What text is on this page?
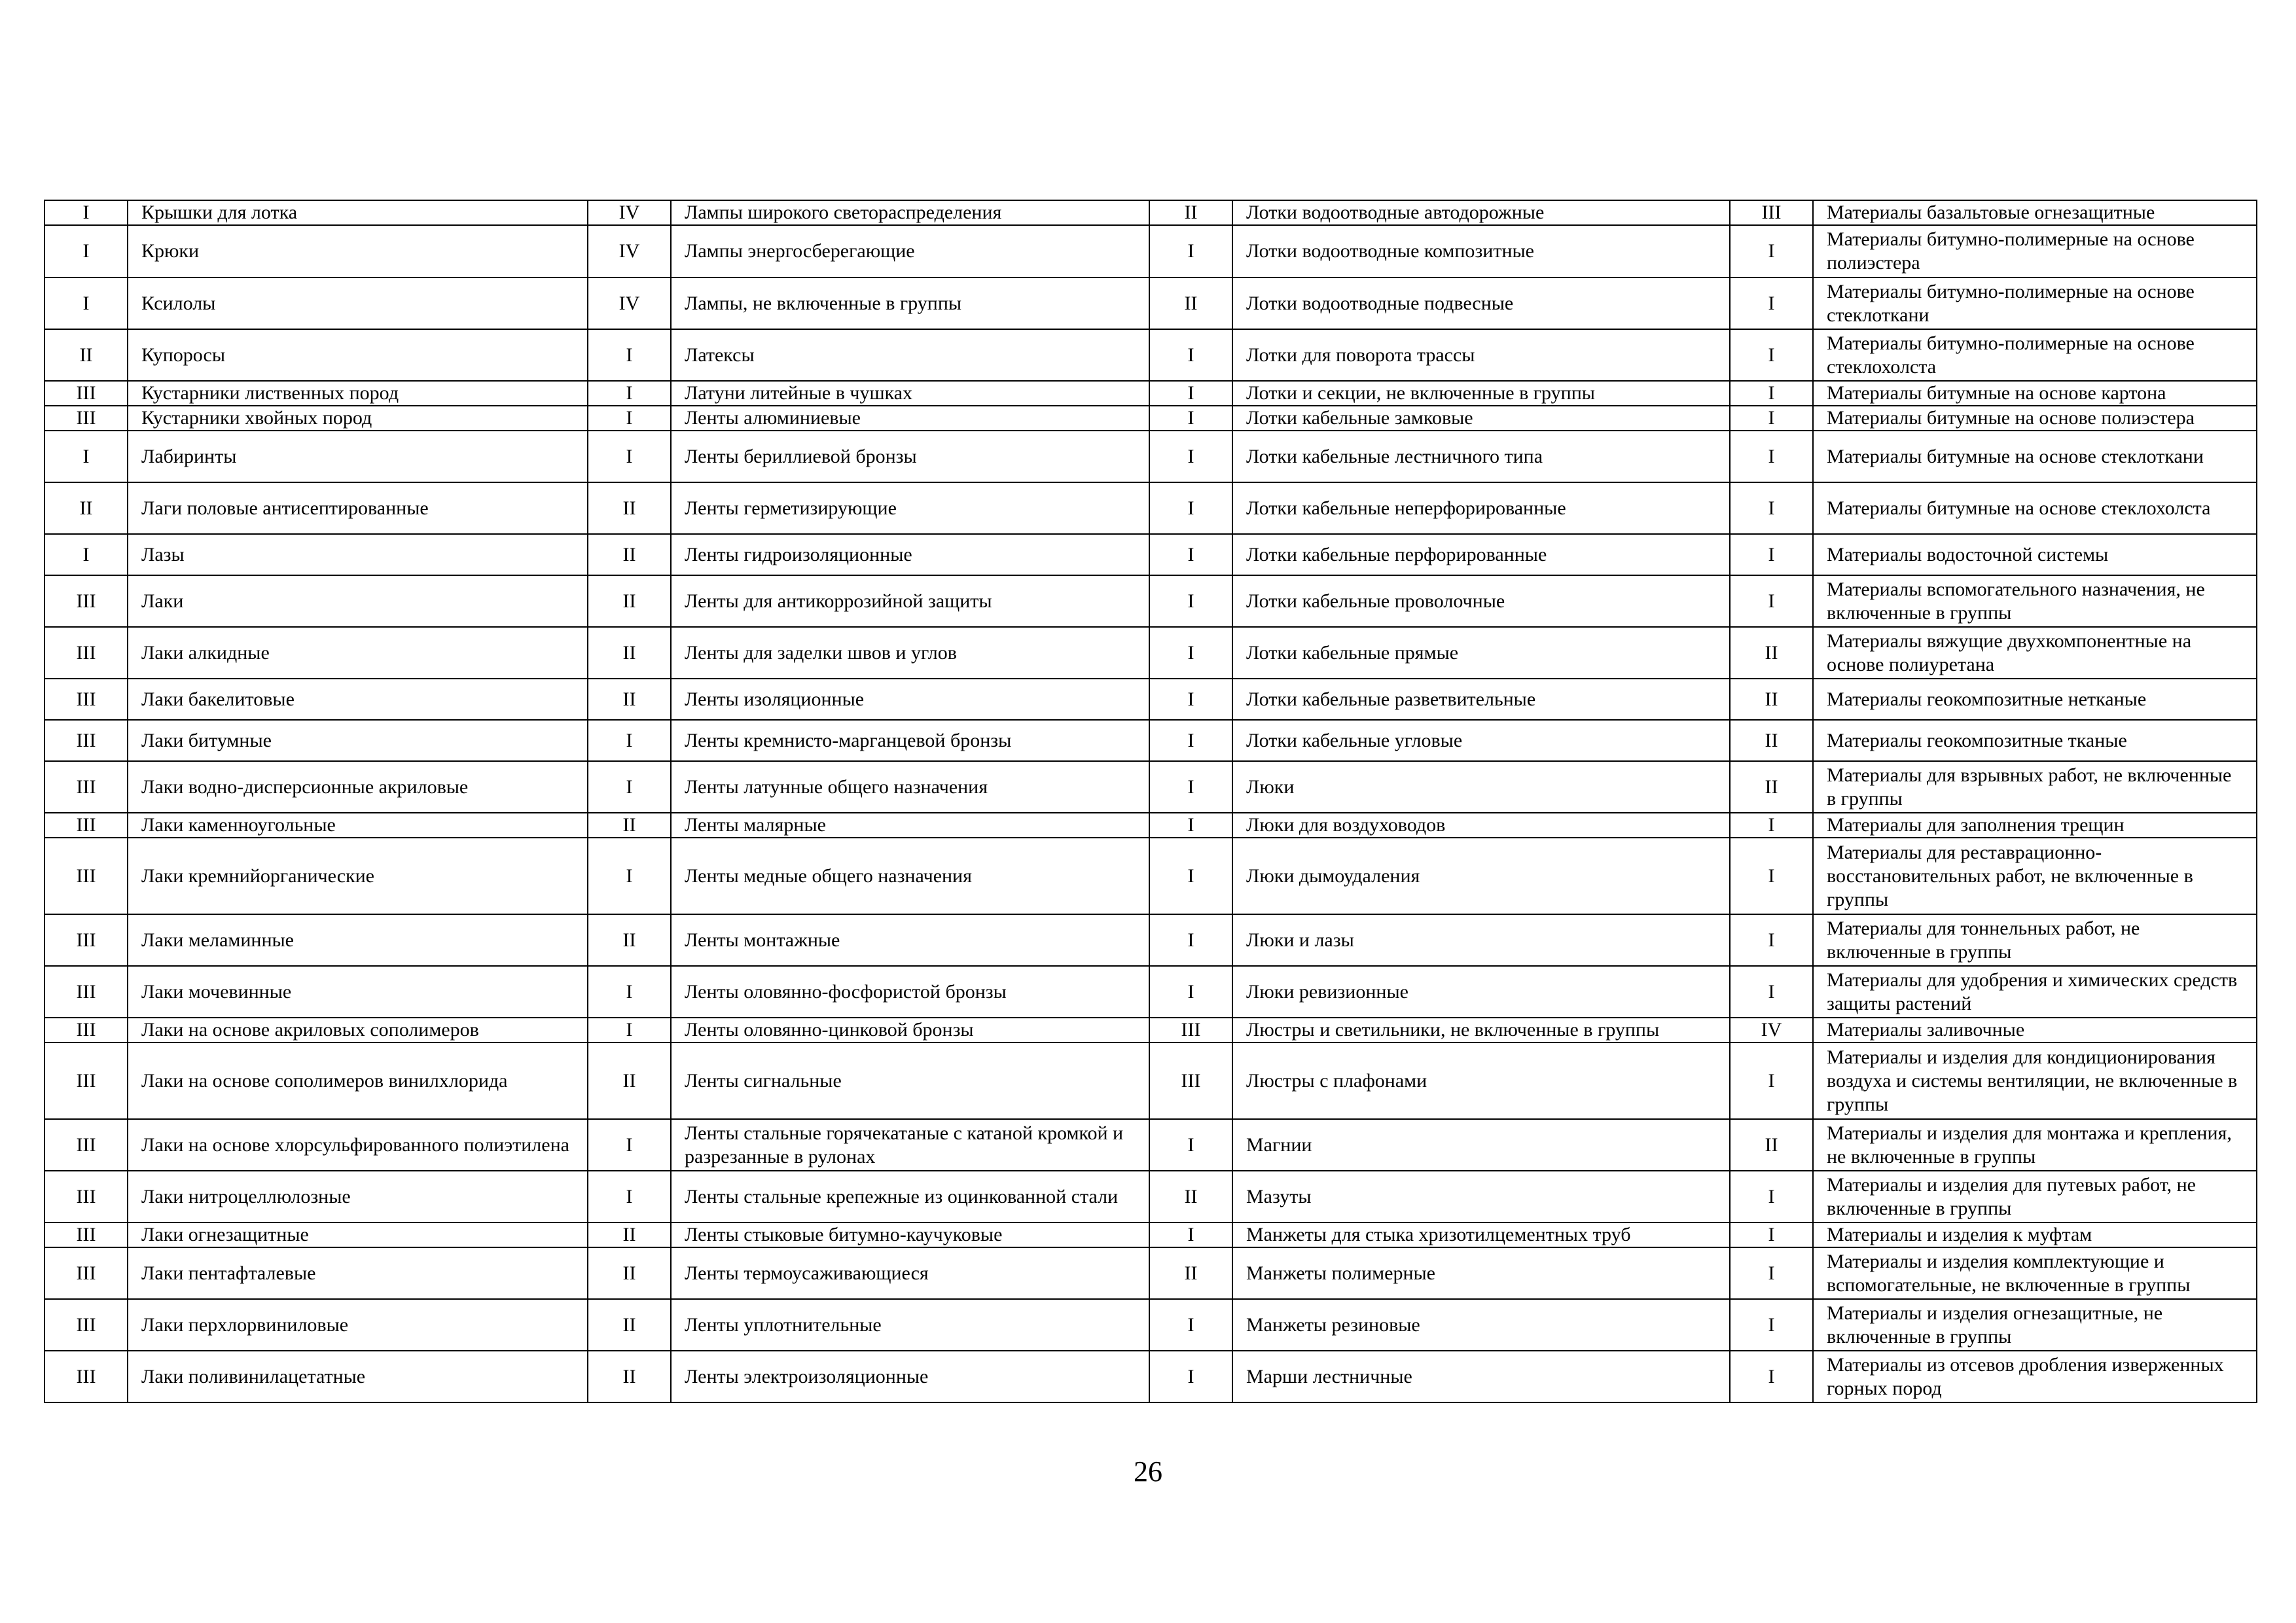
I	Крышки для лотка	IV	Лампы широкого светораспределения	II	Лотки водоотводные автодорожные	III	Материалы базальтовые огнезащитные
I	Крюки	IV	Лампы энергосберегающие	I	Лотки водоотводные композитные	I	Материалы битумно-полимерные на основе полиэстера
I	Ксилолы	IV	Лампы, не включенные в группы	II	Лотки водоотводные подвесные	I	Материалы битумно-полимерные на основе стеклоткани
II	Купоросы	I	Латексы	I	Лотки для поворота трассы	I	Материалы битумно-полимерные на основе стеклохолста
III	Кустарники лиственных пород	I	Латуни литейные в чушках	I	Лотки и секции, не включенные в группы	I	Материалы битумные на основе картона
III	Кустарники хвойных пород	I	Ленты алюминиевые	I	Лотки кабельные замковые	I	Материалы битумные на основе полиэстера
I	Лабиринты	I	Ленты бериллиевой бронзы	I	Лотки кабельные лестничного типа	I	Материалы битумные на основе стеклоткани
II	Лаги половые антисептированные	II	Ленты герметизирующие	I	Лотки кабельные неперфорированные	I	Материалы битумные на основе стеклохолста
I	Лазы	II	Ленты гидроизоляционные	I	Лотки кабельные перфорированные	I	Материалы водосточной системы
III	Лаки	II	Ленты для антикоррозийной защиты	I	Лотки кабельные проволочные	I	Материалы вспомогательного назначения, не включенные в группы
III	Лаки алкидные	II	Ленты для заделки швов и углов	I	Лотки кабельные прямые	II	Материалы вяжущие двухкомпонентные на основе полиуретана
III	Лаки бакелитовые	II	Ленты изоляционные	I	Лотки кабельные разветвительные	II	Материалы геокомпозитные нетканые
III	Лаки битумные	I	Ленты кремнисто-марганцевой бронзы	I	Лотки кабельные угловые	II	Материалы геокомпозитные тканые
III	Лаки водно-дисперсионные акриловые	I	Ленты латунные общего назначения	I	Люки	II	Материалы для взрывных работ, не включенные в группы
III	Лаки каменноугольные	II	Ленты малярные	I	Люки для воздуховодов	I	Материалы для заполнения трещин
III	Лаки кремнийорганические	I	Ленты медные общего назначения	I	Люки дымоудаления	I	Материалы для реставрационно-восстановительных работ, не включенные в группы
III	Лаки меламинные	II	Ленты монтажные	I	Люки и лазы	I	Материалы для тоннельных работ, не включенные в группы
III	Лаки мочевинные	I	Ленты оловянно-фосфористой бронзы	I	Люки ревизионные	I	Материалы для удобрения и химических средств защиты растений
III	Лаки на основе акриловых сополимеров	I	Ленты оловянно-цинковой бронзы	III	Люстры и светильники, не включенные в группы	IV	Материалы заливочные
III	Лаки на основе сополимеров винилхлорида	II	Ленты сигнальные	III	Люстры с плафонами	I	Материалы и изделия для кондиционирования воздуха и системы вентиляции, не включенные в группы
III	Лаки на основе хлорсульфированного полиэтилена	I	Ленты стальные горячекатаные с катаной кромкой и разрезанные в рулонах	I	Магнии	II	Материалы и изделия для монтажа и крепления, не включенные в группы
III	Лаки нитроцеллюлозные	I	Ленты стальные крепежные из оцинкованной стали	II	Мазуты	I	Материалы и изделия для путевых работ, не включенные в группы
III	Лаки огнезащитные	II	Ленты стыковые битумно-каучуковые	I	Манжеты для стыка хризотилцементных труб	I	Материалы и изделия к муфтам
III	Лаки пентафталевые	II	Ленты термоусаживающиеся	II	Манжеты полимерные	I	Материалы и изделия комплектующие и вспомогательные, не включенные в группы
III	Лаки перхлорвиниловые	II	Ленты уплотнительные	I	Манжеты резиновые	I	Материалы и изделия огнезащитные, не включенные в группы
III	Лаки поливинилацетатные	II	Ленты электроизоляционные	I	Марши лестничные	I	Материалы из отсевов дробления изверженных горных пород
26
